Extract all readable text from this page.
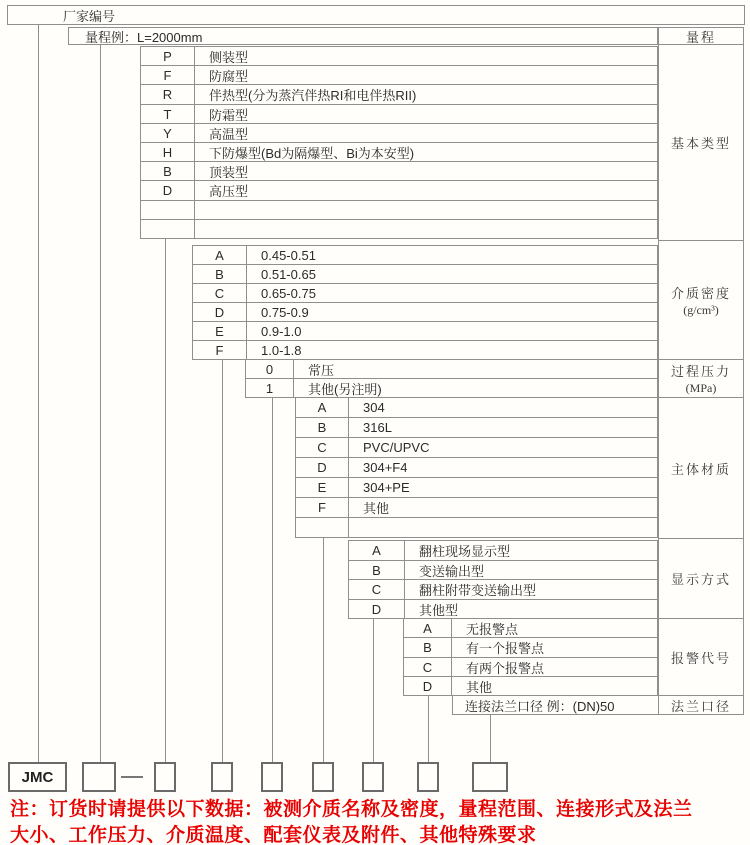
厂家编号
量程例：L=2000mm
连接法兰口径 例：(DN)50
JMC
注：订货时请提供以下数据：被测介质名称及密度，量程范围、连接形式及法兰
大小、工作压力、介质温度、配套仪表及附件、其他特殊要求
P	侧装型
F	防腐型
R	伴热型(分为蒸汽伴热RI和电伴热RII)
T	防霜型
Y	高温型
H	下防爆型(Bd为隔爆型、Bi为本安型)
B	顶装型
D	高压型
A	0.45-0.51
B	0.51-0.65
C	0.65-0.75
D	0.75-0.9
E	0.9-1.0
F	1.0-1.8
0	常压
1	其他(另注明)
A	304
B	316L
C	PVC/UPVC
D	304+F4
E	304+PE
F	其他
A	翻柱现场显示型
B	变送输出型
C	翻柱附带变送输出型
D	其他型
A	无报警点
B	有一个报警点
C	有两个报警点
D	其他
量程
基本类型
介质密度
(g/cm³)
过程压力
(MPa)
主体材质
显示方式
报警代号
法兰口径
